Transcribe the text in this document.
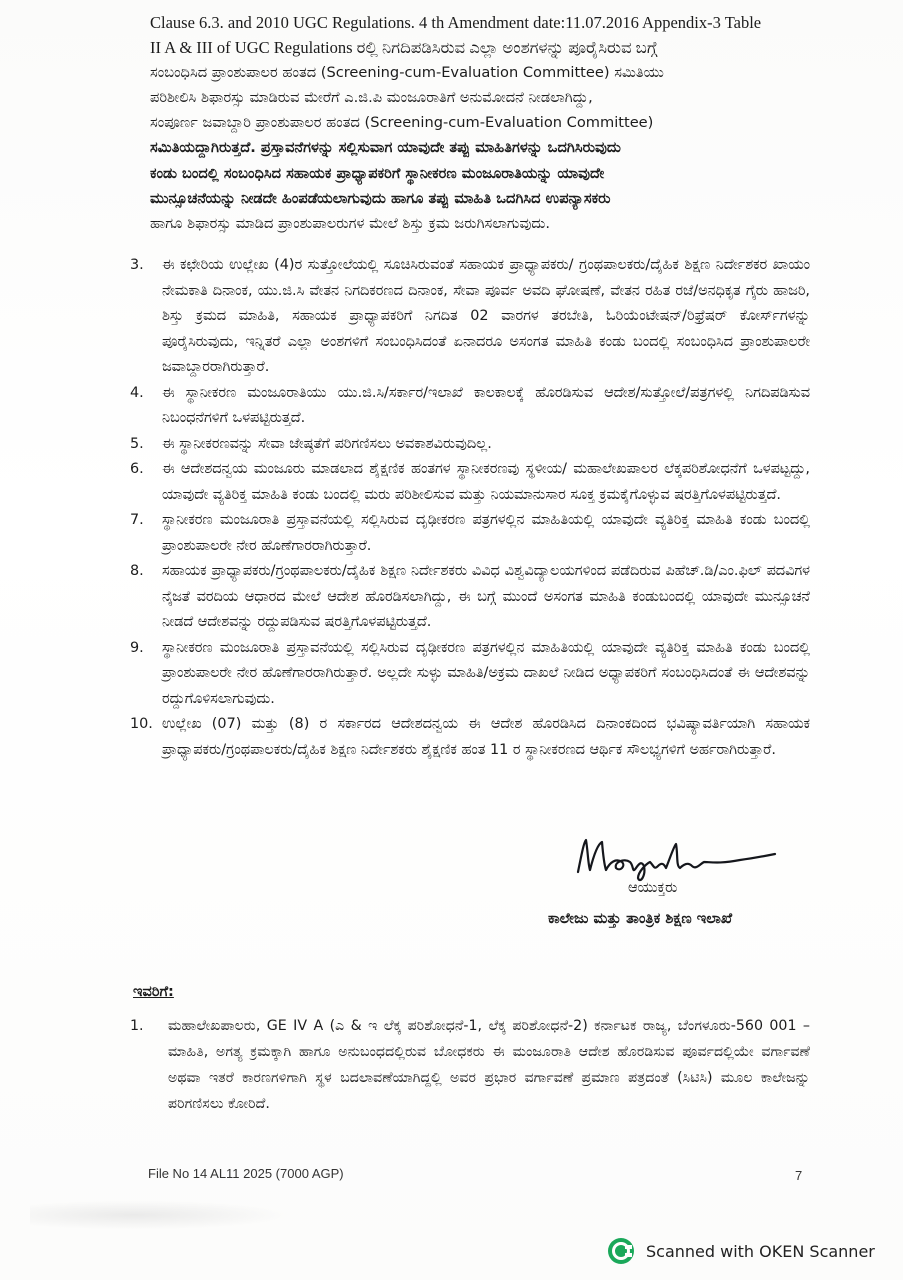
Clause 6.3. and 2010 UGC Regulations. 4 th Amendment date:11.07.2016 Appendix-3 Table

II A & III of UGC Regulations ರಲ್ಲಿ ನಿಗದಿಪಡಿಸಿರುವ ಎಲ್ಲಾ ಅಂಶಗಳನ್ನು ಪೂರೈಸಿರುವ ಬಗ್ಗೆ

ಸಂಬಂಧಿಸಿದ ಪ್ರಾಂಶುಪಾಲರ ಹಂತದ (Screening-cum-Evaluation Committee) ಸಮಿತಿಯು

ಪರಿಶೀಲಿಸಿ ಶಿಫಾರಸ್ಸು ಮಾಡಿರುವ ಮೇರೆಗೆ ಎ.ಜಿ.ಪಿ ಮಂಜೂರಾತಿಗೆ ಅನುಮೋದನೆ ನೀಡಲಾಗಿದ್ದು,

ಸಂಪೂರ್ಣ ಜವಾಬ್ದಾರಿ ಪ್ರಾಂಶುಪಾಲರ ಹಂತದ (Screening-cum-Evaluation Committee)

ಸಮಿತಿಯದ್ದಾಗಿರುತ್ತದೆ. ಪ್ರಸ್ತಾವನೆಗಳನ್ನು ಸಲ್ಲಿಸುವಾಗ ಯಾವುದೇ ತಪ್ಪು ಮಾಹಿತಿಗಳನ್ನು ಒದಗಿಸಿರುವುದು

ಕಂಡು ಬಂದಲ್ಲಿ ಸಂಬಂಧಿಸಿದ ಸಹಾಯಕ ಪ್ರಾಧ್ಯಾಪಕರಿಗೆ ಸ್ಥಾನೀಕರಣ ಮಂಜೂರಾತಿಯನ್ನು ಯಾವುದೇ

ಮುನ್ಸೂಚನೆಯನ್ನು ನೀಡದೇ ಹಿಂಪಡೆಯಲಾಗುವುದು ಹಾಗೂ ತಪ್ಪು ಮಾಹಿತಿ ಒದಗಿಸಿದ ಉಪನ್ಯಾಸಕರು

ಹಾಗೂ ಶಿಫಾರಸ್ಸು ಮಾಡಿದ ಪ್ರಾಂಶುಪಾಲರುಗಳ ಮೇಲೆ ಶಿಸ್ತು ಕ್ರಮ ಜರುಗಿಸಲಾಗುವುದು.

3.	ಈ ಕಛೇರಿಯ ಉಲ್ಲೇಖ (4)ರ ಸುತ್ತೋಲೆಯಲ್ಲಿ ಸೂಚಿಸಿರುವಂತೆ ಸಹಾಯಕ ಪ್ರಾಧ್ಯಾಪಕರು/ ಗ್ರಂಥಪಾಲಕರು/ದೈಹಿಕ ಶಿಕ್ಷಣ ನಿರ್ದೇಶಕರ ಖಾಯಂ ನೇಮಕಾತಿ ದಿನಾಂಕ, ಯು.ಜಿ.ಸಿ ವೇತನ ನಿಗದಿಕರಣದ ದಿನಾಂಕ, ಸೇವಾ ಪೂರ್ವ ಅವದಿ ಘೋಷಣೆ, ವೇತನ ರಹಿತ ರಜೆ/ಅನಧಿಕೃತ ಗೈರು ಹಾಜರಿ, ಶಿಸ್ತು ಕ್ರಮದ ಮಾಹಿತಿ, ಸಹಾಯಕ ಪ್ರಾಧ್ಯಾಪಕರಿಗೆ ನಿಗದಿತ 02 ವಾರಗಳ ತರಬೇತಿ, ಓರಿಯೆಂಟೇಷನ್/ರಿಫ್ರೆಷರ್ ಕೋರ್ಸ್‌ಗಳನ್ನು ಪೂರೈಸಿರುವುದು, ಇನ್ನಿತರೆ ಎಲ್ಲಾ ಅಂಶಗಳಿಗೆ ಸಂಬಂಧಿಸಿದಂತೆ ಏನಾದರೂ ಅಸಂಗತ ಮಾಹಿತಿ ಕಂಡು ಬಂದಲ್ಲಿ ಸಂಬಂಧಿಸಿದ ಪ್ರಾಂಶುಪಾಲರೇ ಜವಾಬ್ದಾರರಾಗಿರುತ್ತಾರೆ.
4.	ಈ ಸ್ಥಾನೀಕರಣ ಮಂಜೂರಾತಿಯು ಯು.ಜಿ.ಸಿ/ಸರ್ಕಾರ/ಇಲಾಖೆ ಕಾಲಕಾಲಕ್ಕೆ ಹೊರಡಿಸುವ ಆದೇಶ/ಸುತ್ತೋಲೆ/ಪತ್ರಗಳಲ್ಲಿ ನಿಗದಿಪಡಿಸುವ ನಿಬಂಧನೆಗಳಿಗೆ ಒಳಪಟ್ಟಿರುತ್ತದೆ.
5.	ಈ ಸ್ಥಾನೀಕರಣವನ್ನು ಸೇವಾ ಜೇಷ್ಠತೆಗೆ ಪರಿಗಣಿಸಲು ಅವಕಾಶವಿರುವುದಿಲ್ಲ.
6.	ಈ ಆದೇಶದನ್ವಯ ಮಂಜೂರು ಮಾಡಲಾದ ಶೈಕ್ಷಣಿಕ ಹಂತಗಳ ಸ್ಥಾನೀಕರಣವು ಸ್ಥಳೀಯ/ ಮಹಾಲೇಖಪಾಲರ ಲೆಕ್ಕಪರಿಶೋಧನೆಗೆ ಒಳಪಟ್ಟದ್ದು, ಯಾವುದೇ ವ್ಯತಿರಿಕ್ತ ಮಾಹಿತಿ ಕಂಡು ಬಂದಲ್ಲಿ ಮರು ಪರಿಶೀಲಿಸುವ ಮತ್ತು ನಿಯಮಾನುಸಾರ ಸೂಕ್ತ ಕ್ರಮಕೈಗೊಳ್ಳುವ ಷರತ್ತಿಗೊಳಪಟ್ಟಿರುತ್ತದೆ.
7.	ಸ್ಥಾನೀಕರಣ ಮಂಜೂರಾತಿ ಪ್ರಸ್ತಾವನೆಯಲ್ಲಿ ಸಲ್ಲಿಸಿರುವ ದೃಢೀಕರಣ ಪತ್ರಗಳಲ್ಲಿನ ಮಾಹಿತಿಯಲ್ಲಿ ಯಾವುದೇ ವ್ಯತಿರಿಕ್ತ ಮಾಹಿತಿ ಕಂಡು ಬಂದಲ್ಲಿ ಪ್ರಾಂಶುಪಾಲರೇ ನೇರ ಹೊಣೆಗಾರರಾಗಿರುತ್ತಾರೆ.
8.	ಸಹಾಯಕ ಪ್ರಾಧ್ಯಾಪಕರು/ಗ್ರಂಥಪಾಲಕರು/ದೈಹಿಕ ಶಿಕ್ಷಣ ನಿರ್ದೇಶಕರು ವಿವಿಧ ವಿಶ್ವವಿದ್ಯಾಲಯಗಳಿಂದ ಪಡೆದಿರುವ ಪಿಹೆಚ್.ಡಿ/ಎಂ.ಫಿಲ್ ಪದವಿಗಳ ನೈಜತೆ ವರದಿಯ ಆಧಾರದ ಮೇಲೆ ಆದೇಶ ಹೊರಡಿಸಲಾಗಿದ್ದು, ಈ ಬಗ್ಗೆ ಮುಂದೆ ಅಸಂಗತ ಮಾಹಿತಿ ಕಂಡುಬಂದಲ್ಲಿ ಯಾವುದೇ ಮುನ್ಸೂಚನೆ ನೀಡದೆ ಆದೇಶವನ್ನು ರದ್ದುಪಡಿಸುವ ಷರತ್ತಿಗೊಳಪಟ್ಟಿರುತ್ತದೆ.
9.	ಸ್ಥಾನೀಕರಣ ಮಂಜೂರಾತಿ ಪ್ರಸ್ತಾವನೆಯಲ್ಲಿ ಸಲ್ಲಿಸಿರುವ ದೃಢೀಕರಣ ಪತ್ರಗಳಲ್ಲಿನ ಮಾಹಿತಿಯಲ್ಲಿ ಯಾವುದೇ ವ್ಯತಿರಿಕ್ತ ಮಾಹಿತಿ ಕಂಡು ಬಂದಲ್ಲಿ ಪ್ರಾಂಶುಪಾಲರೇ ನೇರ ಹೊಣೆಗಾರರಾಗಿರುತ್ತಾರೆ. ಅಲ್ಲದೇ ಸುಳ್ಳು ಮಾಹಿತಿ/ಅಕ್ರಮ ದಾಖಲೆ ನೀಡಿದ ಅಧ್ಯಾಪಕರಿಗೆ ಸಂಬಂಧಿಸಿದಂತೆ ಈ ಆದೇಶವನ್ನು ರದ್ದುಗೊಳಿಸಲಾಗುವುದು.
10. ಉಲ್ಲೇಖ (07) ಮತ್ತು (8) ರ ಸರ್ಕಾರದ ಆದೇಶದನ್ವಯ ಈ ಆದೇಶ ಹೊರಡಿಸಿದ ದಿನಾಂಕದಿಂದ ಭವಿಷ್ಯಾವರ್ತಿಯಾಗಿ ಸಹಾಯಕ ಪ್ರಾಧ್ಯಾಪಕರು/ಗ್ರಂಥಪಾಲಕರು/ದೈಹಿಕ ಶಿಕ್ಷಣ ನಿರ್ದೇಶಕರು ಶೈಕ್ಷಣಿಕ ಹಂತ 11 ರ ಸ್ಥಾನೀಕರಣದ ಆರ್ಥಿಕ ಸೌಲಭ್ಯಗಳಿಗೆ ಅರ್ಹರಾಗಿರುತ್ತಾರೆ.
ಆಯುಕ್ತರು
ಕಾಲೇಜು ಮತ್ತು ತಾಂತ್ರಿಕ ಶಿಕ್ಷಣ ಇಲಾಖೆ
ಇವರಿಗೆ:
1.	ಮಹಾಲೇಖಪಾಲರು, GE IV A (ಎ & ಇ ಲೆಕ್ಕ ಪರಿಶೋಧನೆ-1, ಲೆಕ್ಕ ಪರಿಶೋಧನೆ-2) ಕರ್ನಾಟಕ ರಾಜ್ಯ, ಬೆಂಗಳೂರು-560 001 – ಮಾಹಿತಿ, ಅಗತ್ಯ ಕ್ರಮಕ್ಕಾಗಿ ಹಾಗೂ ಅನುಬಂಧದಲ್ಲಿರುವ ಬೋಧಕರು ಈ ಮಂಜೂರಾತಿ ಆದೇಶ ಹೊರಡಿಸುವ ಪೂರ್ವದಲ್ಲಿಯೇ ವರ್ಗಾವಣೆ ಅಥವಾ ಇತರೆ ಕಾರಣಗಳಿಗಾಗಿ ಸ್ಥಳ ಬದಲಾವಣೆಯಾಗಿದ್ದಲ್ಲಿ ಅವರ ಪ್ರಭಾರ ವರ್ಗಾವಣೆ ಪ್ರಮಾಣ ಪತ್ರದಂತೆ (ಸಿಟಿಸಿ) ಮೂಲ ಕಾಲೇಜನ್ನು ಪರಿಗಣಿಸಲು ಕೋರಿದೆ.
File No 14 AL11 2025 (7000 AGP)	7
Scanned with OKEN Scanner
